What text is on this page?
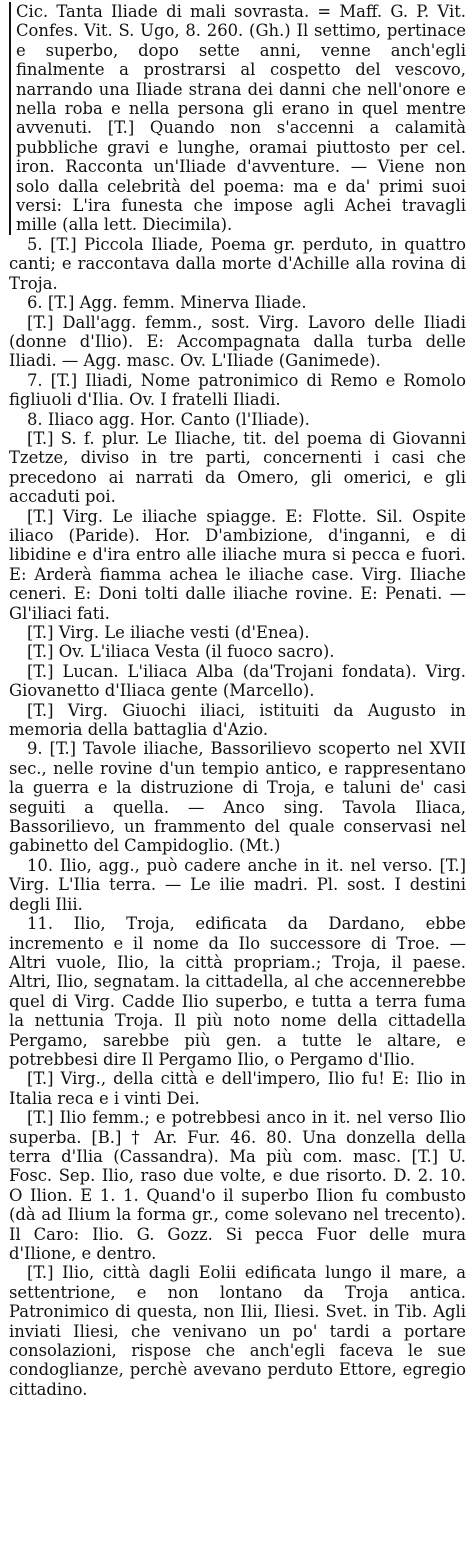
Cic. Tanta Iliade di mali sovrasta. = Maff. G. P. Vit. Confes. Vit. S. Ugo, 8. 260. (Gh.) Il settimo, pertinace e superbo, dopo sette anni, venne anch'egli finalmente a prostrarsi al cospetto del vescovo, narrando una Iliade strana dei danni che nell'onore e nella roba e nella persona gli erano in quel mentre avvenuti. [T.] Quando non s'accenni a calamità pubbliche gravi e lunghe, oramai piuttosto per cel. iron. Racconta un'Iliade d'avventure. — Viene non solo dalla celebrità del poema: ma e da' primi suoi versi: L'ira funesta che impose agli Achei travagli mille (alla lett. Diecimila).

5. [T.] Piccola Iliade, Poema gr. perduto, in quattro canti; e raccontava dalla morte d'Achille alla rovina di Troja.

6. [T.] Agg. femm. Minerva Iliade.

[T.] Dall'agg. femm., sost. Virg. Lavoro delle Iliadi (donne d'Ilio). E: Accompagnata dalla turba delle Iliadi. — Agg. masc. Ov. L'Iliade (Ganimede).

7. [T.] Iliadi, Nome patronimico di Remo e Romolo figliuoli d'Ilia. Ov. I fratelli Iliadi.

8. Iliaco agg. Hor. Canto (l'Iliade).

[T.] S. f. plur. Le Iliache, tit. del poema di Giovanni Tzetze, diviso in tre parti, concernenti i casi che precedono ai narrati da Omero, gli omerici, e gli accaduti poi.

[T.] Virg. Le iliache spiagge. E: Flotte. Sil. Ospite iliaco (Paride). Hor. D'ambizione, d'inganni, e di libidine e d'ira entro alle iliache mura si pecca e fuori. E: Arderà fiamma achea le iliache case. Virg. Iliache ceneri. E: Doni tolti dalle iliache rovine. E: Penati. — Gl'iliaci fati.

[T.] Virg. Le iliache vesti (d'Enea).

[T.] Ov. L'iliaca Vesta (il fuoco sacro).

[T.] Lucan. L'iliaca Alba (da'Trojani fondata). Virg. Giovanetto d'Iliaca gente (Marcello).

[T.] Virg. Giuochi iliaci, istituiti da Augusto in memoria della battaglia d'Azio.

9. [T.] Tavole iliache, Bassorilievo scoperto nel XVII sec., nelle rovine d'un tempio antico, e rappresentano la guerra e la distruzione di Troja, e taluni de' casi seguiti a quella. — Anco sing. Tavola Iliaca, Bassorilievo, un frammento del quale conservasi nel gabinetto del Campidoglio. (Mt.)

10. Ilio, agg., può cadere anche in it. nel verso. [T.] Virg. L'Ilia terra. — Le ilie madri. Pl. sost. I destini degli Ilii.

11. Ilio, Troja, edificata da Dardano, ebbe incremento e il nome da Ilo successore di Troe. — Altri vuole, Ilio, la città propriam.; Troja, il paese. Altri, Ilio, segnatam. la cittadella, al che accennerebbe quel di Virg. Cadde Ilio superbo, e tutta a terra fuma la nettunia Troja. Il più noto nome della cittadella Pergamo, sarebbe più gen. a tutte le altare, e potrebbesi dire Il Pergamo Ilio, o Pergamo d'Ilio.

[T.] Virg., della città e dell'impero, Ilio fu! E: Ilio in Italia reca e i vinti Dei.

[T.] Ilio femm.; e potrebbesi anco in it. nel verso Ilio superba. [B.] † Ar. Fur. 46. 80. Una donzella della terra d'Ilia (Cassandra). Ma più com. masc. [T.] U. Fosc. Sep. Ilio, raso due volte, e due risorto. D. 2. 10. O Ilion. E 1. 1. Quand'o il superbo Ilion fu combusto (dà ad Ilium la forma gr., come solevano nel trecento). Il Caro: Ilio. G. Gozz. Si pecca Fuor delle mura d'Ilione, e dentro.

[T.] Ilio, città dagli Eolii edificata lungo il mare, a settentrione, e non lontano da Troja antica. Patronimico di questa, non Ilii, Iliesi. Svet. in Tib. Agli inviati Iliesi, che venivano un po' tardi a portare consolazioni, rispose che anch'egli faceva le sue condoglianze, perchè avevano perduto Ettore, egregio cittadino.
